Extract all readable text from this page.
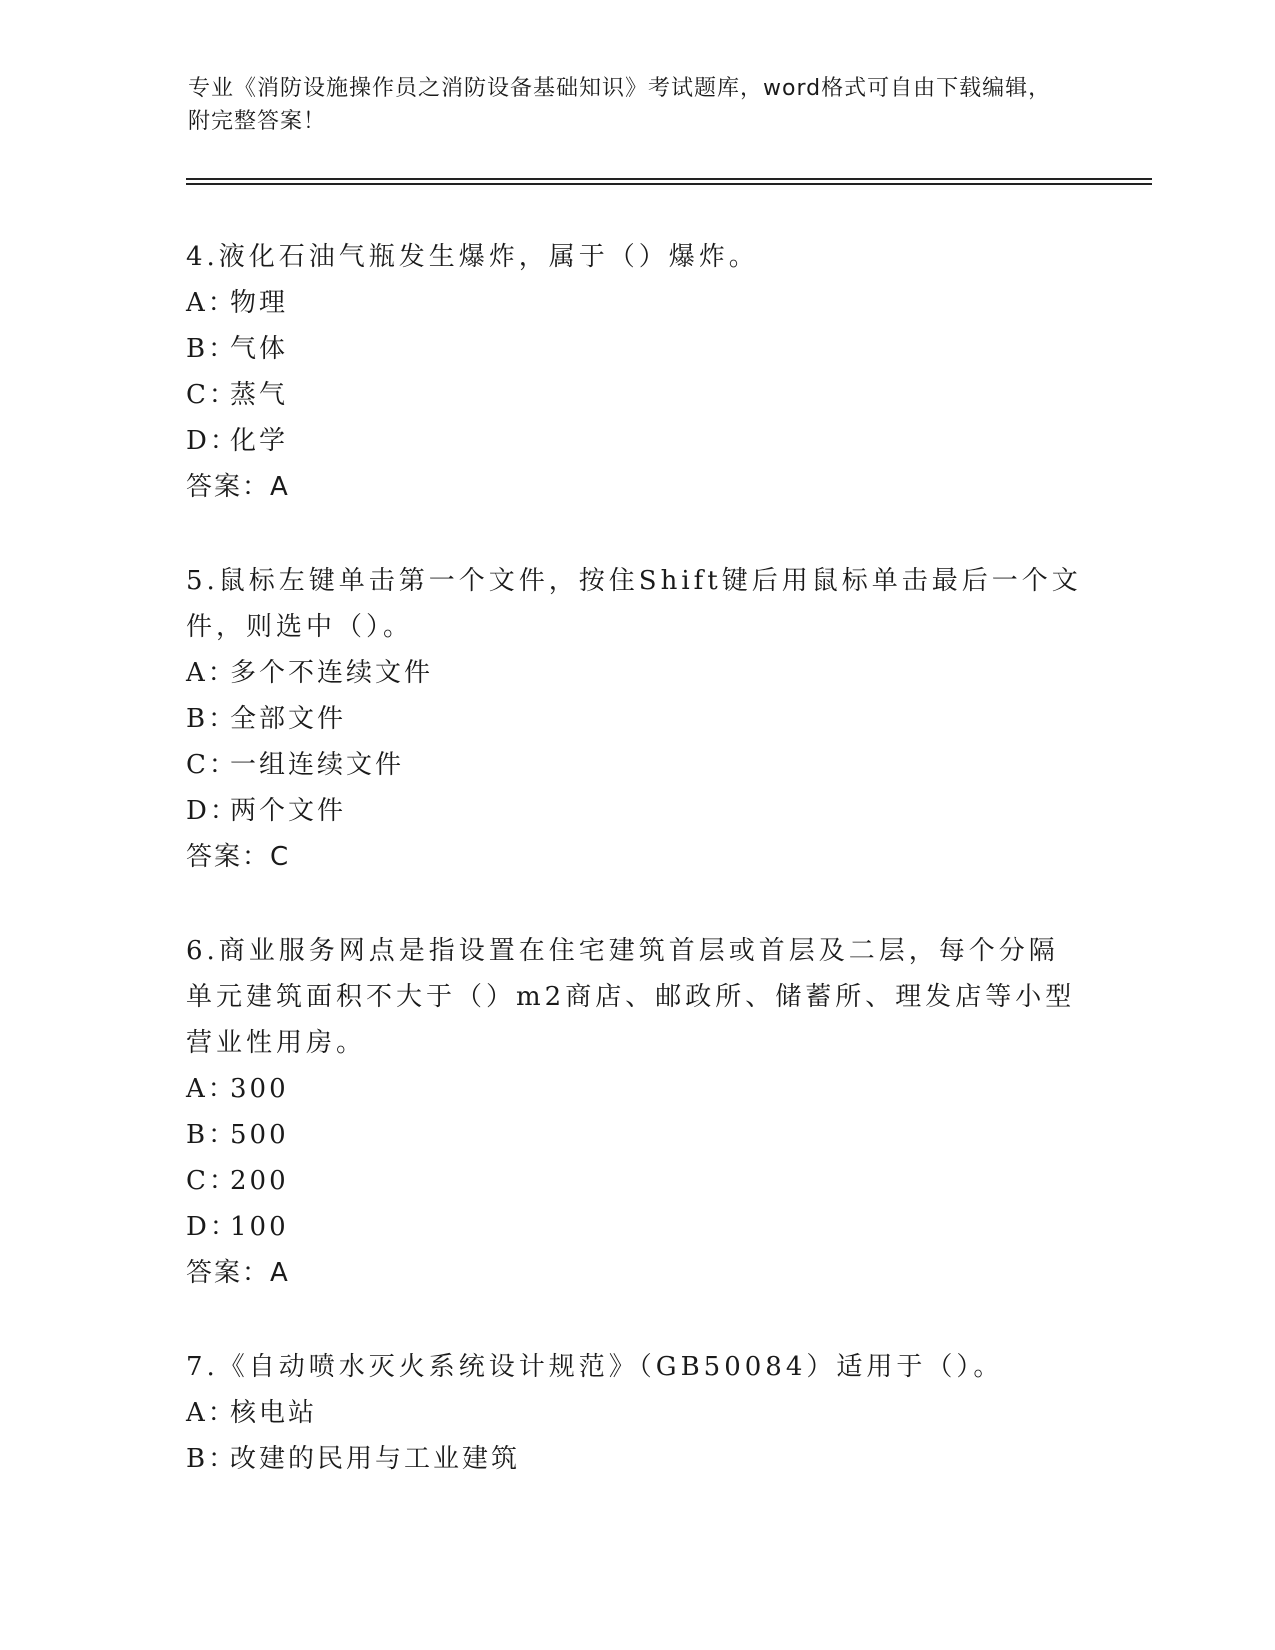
专业《消防设施操作员之消防设备基础知识》考试题库，word格式可自由下载编辑，附完整答案！

4.液化石油气瓶发生爆炸，属于（）爆炸。

A：
物理
B：
气体
C：
蒸气
D：
化学
答案：A

5.鼠标左键单击第一个文件，按住Shift键后用鼠标单击最后一个文件，则选中（）。

A：
多个不连续文件
B：
全部文件
C：
一组连续文件
D：
两个文件
答案：C

6.商业服务网点是指设置在住宅建筑首层或首层及二层，每个分隔单元建筑面积不大于（）m2商店、邮政所、储蓄所、理发店等小型营业性用房。

A：
300
B：
500
C：
200
D：
100
答案：A

7.《自动喷水灭火系统设计规范》（GB50084）适用于（）。

A：
核电站
B：
改建的民用与工业建筑
